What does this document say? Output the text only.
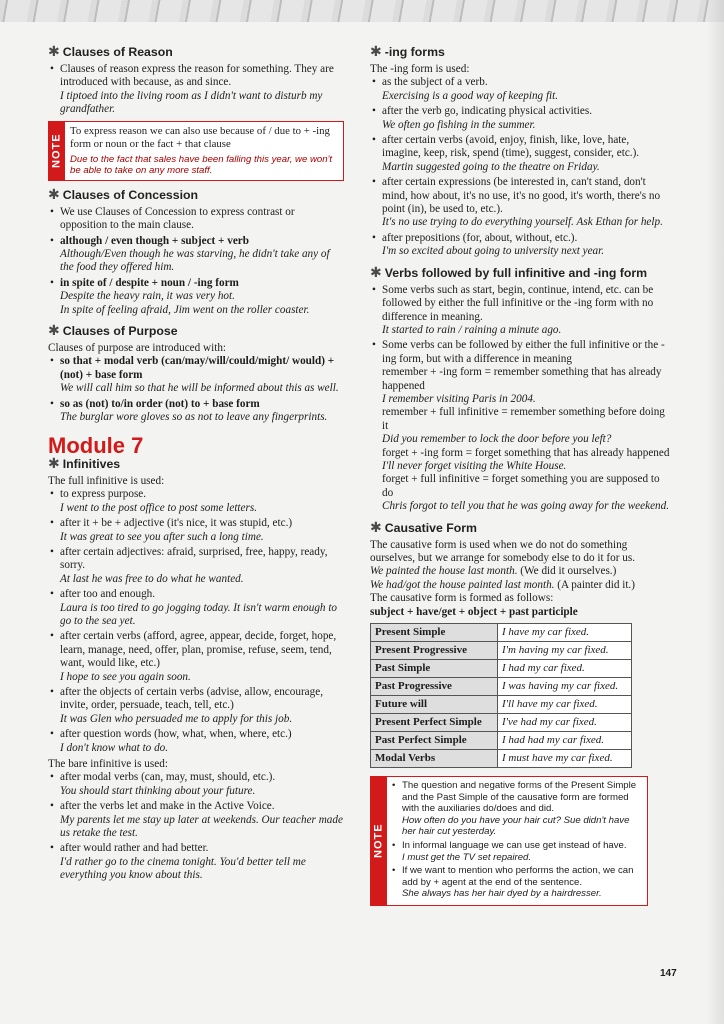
✱ Clauses of Reason
• Clauses of reason express the reason for something. They are introduced with because, as and since.
I tiptoed into the living room as I didn't want to disturb my grandfather.
NOTE

To express reason we can also use because of / due to + -ing form or noun or the fact + that clause

Due to the fact that sales have been falling this year, we won't be able to take on any more staff.

✱ Clauses of Concession
• We use Clauses of Concession to express contrast or opposition to the main clause.
• although / even though + subject + verb
Although/Even though he was starving, he didn't take any of the food they offered him.
• in spite of / despite + noun / -ing form
Despite the heavy rain, it was very hot.
In spite of feeling afraid, Jim went on the roller coaster.
✱ Clauses of Purpose

Clauses of purpose are introduced with:

• so that + modal verb (can/may/will/could/might/ would) + (not) + base form
We will call him so that he will be informed about this as well.
• so as (not) to/in order (not) to + base form
The burglar wore gloves so as not to leave any fingerprints.
Module 7
✱ Infinitives

The full infinitive is used:

• to express purpose.
I went to the post office to post some letters.
• after it + be + adjective (it's nice, it was stupid, etc.)
It was great to see you after such a long time.
• after certain adjectives: afraid, surprised, free, happy, ready, sorry.
At last he was free to do what he wanted.
• after too and enough.
Laura is too tired to go jogging today. It isn't warm enough to go to the sea yet.
• after certain verbs (afford, agree, appear, decide, forget, hope, learn, manage, need, offer, plan, promise, refuse, seem, tend, want, would like, etc.)
I hope to see you again soon.
• after the objects of certain verbs (advise, allow, encourage, invite, order, persuade, teach, tell, etc.)
It was Glen who persuaded me to apply for this job.
• after question words (how, what, when, where, etc.)
I don't know what to do.

The bare infinitive is used:

• after modal verbs (can, may, must, should, etc.).
You should start thinking about your future.
• after the verbs let and make in the Active Voice.
My parents let me stay up later at weekends. Our teacher made us retake the test.
• after would rather and had better.
I'd rather go to the cinema tonight. You'd better tell me everything you know about this.
✱ -ing forms

The -ing form is used:

• as the subject of a verb.
Exercising is a good way of keeping fit.
• after the verb go, indicating physical activities.
We often go fishing in the summer.
• after certain verbs (avoid, enjoy, finish, like, love, hate, imagine, keep, risk, spend (time), suggest, consider, etc.).
Martin suggested going to the theatre on Friday.
• after certain expressions (be interested in, can't stand, don't mind, how about, it's no use, it's no good, it's worth, there's no point (in), be used to, etc.).
It's no use trying to do everything yourself. Ask Ethan for help.
• after prepositions (for, about, without, etc.).
I'm so excited about going to university next year.
✱ Verbs followed by full infinitive and -ing form
• Some verbs such as start, begin, continue, intend, etc. can be followed by either the full infinitive or the -ing form with no difference in meaning.
It started to rain / raining a minute ago.
• Some verbs can be followed by either the full infinitive or the -ing form, but with a difference in meaning
remember + -ing form = remember something that has already happened
I remember visiting Paris in 2004.
remember + full infinitive = remember something before doing it
Did you remember to lock the door before you left?
forget + -ing form = forget something that has already happened
I'll never forget visiting the White House.
forget + full infinitive = forget something you are supposed to do
Chris forgot to tell you that he was going away for the weekend.
✱ Causative Form

The causative form is used when we do not do something ourselves, but we arrange for somebody else to do it for us.

We painted the house last month. (We did it ourselves.)

We had/got the house painted last month. (A painter did it.)

The causative form is formed as follows:

subject + have/get + object + past participle

Present Simple	I have my car fixed.
Present Progressive	I'm having my car fixed.
Past Simple	I had my car fixed.
Past Progressive	I was having my car fixed.
Future will	I'll have my car fixed.
Present Perfect Simple	I've had my car fixed.
Past Perfect Simple	I had had my car fixed.
Modal Verbs	I must have my car fixed.
NOTE
• The question and negative forms of the Present Simple and the Past Simple of the causative form are formed with the auxiliaries do/does and did.
How often do you have your hair cut? Sue didn't have her hair cut yesterday.
• In informal language we can use get instead of have.
I must get the TV set repaired.
• If we want to mention who performs the action, we can add by + agent at the end of the sentence.
She always has her hair dyed by a hairdresser.
147
